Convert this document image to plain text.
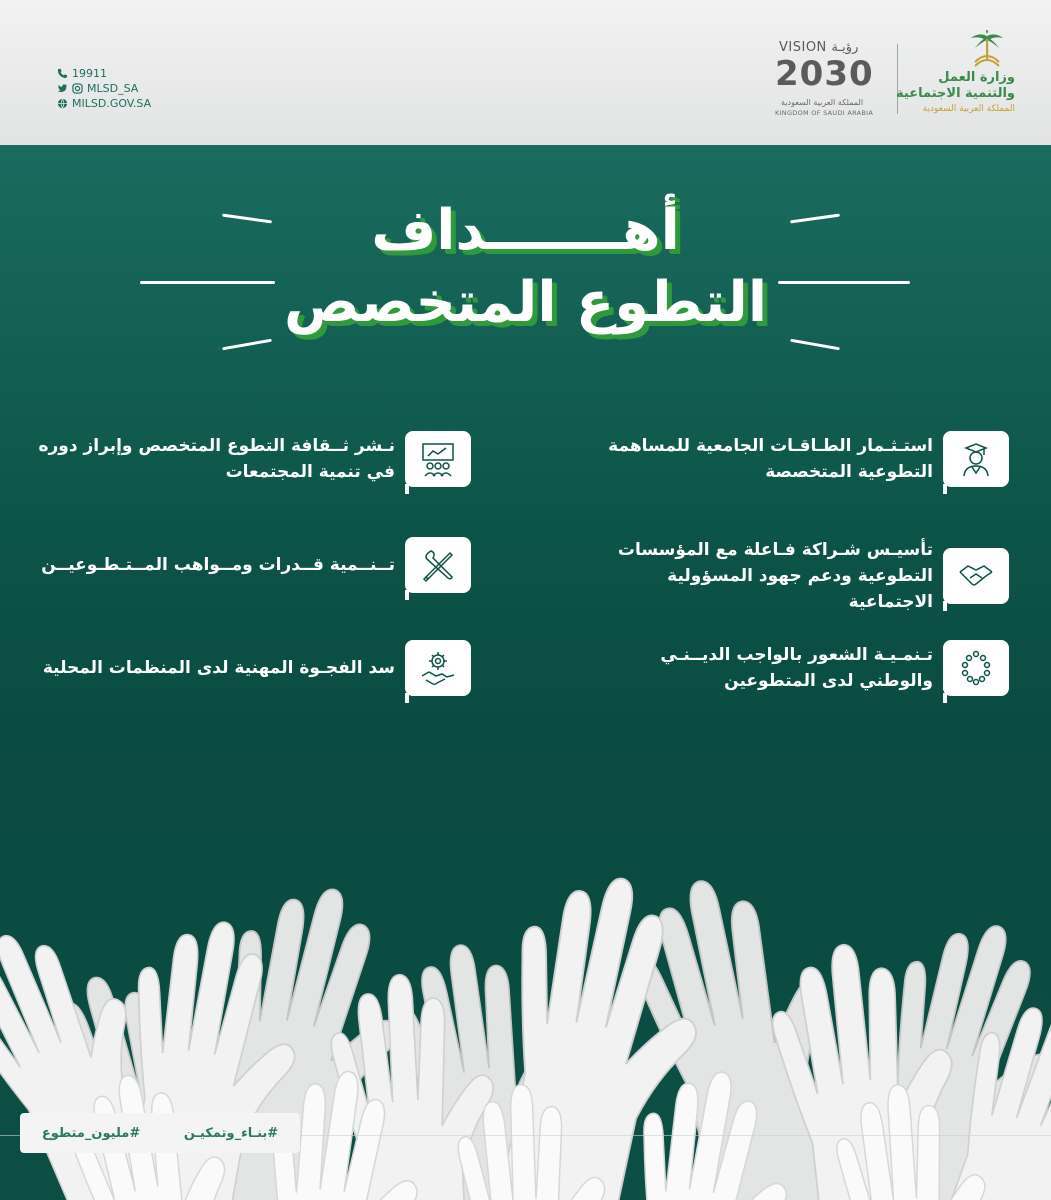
19911
MLSD_SA
MILSD.GOV.SA
VISION رؤيـة
2030
المملكة العربية السعودية
KINGDOM OF SAUDI ARABIA
وزارة العمل
والتنمية الاجتماعية
المملكة العربية السعودية
أهـــــــداف
التطوع المتخصص
استـثـمار الطـاقـات الجامعية للمساهمة التطوعية المتخصصة
تأسيـس شـراكة فـاعلة مع المؤسسات التطوعية ودعم جهود المسؤولية الاجتماعية
تـنمـيـة الشعور بالواجب الديــنـي والوطني لدى المتطوعين
نـشر ثــقافة التطوع المتخصص وإبراز دوره في تنمية المجتمعات
تــنــمية قــدرات ومــواهب المــتـطـوعيــن
سد الفجـوة المهنية لدى المنظمات المحلية
#بنـاء_وتمكيـن
#مليون_متطوع
